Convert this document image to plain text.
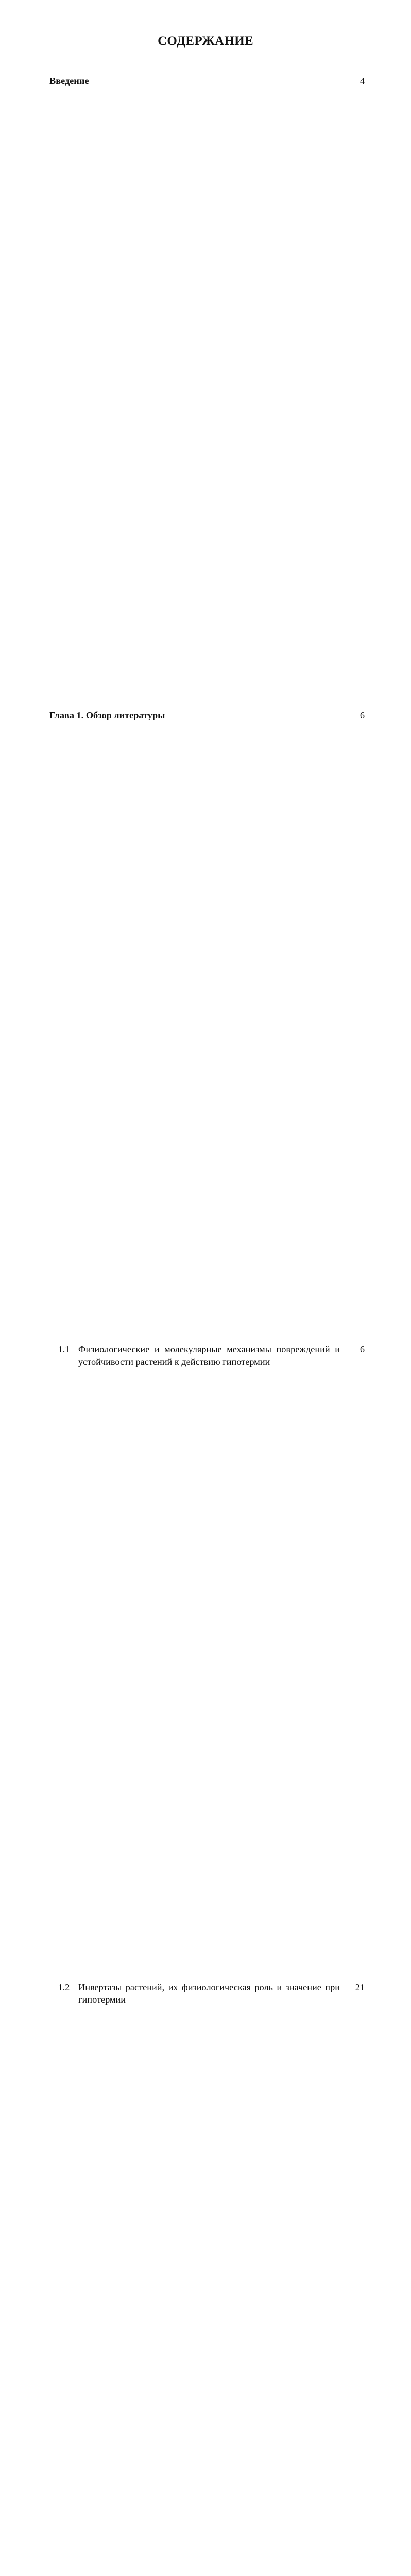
СОДЕРЖАНИЕ
Введение		4
Глава 1. Обзор литературы		6
1.1	Физиологические и молекулярные механизмы повреждений и устойчивости растений к действию гипотермии	6
1.2	Инвертазы растений, их физиологическая роль и значение при гипотермии	21
